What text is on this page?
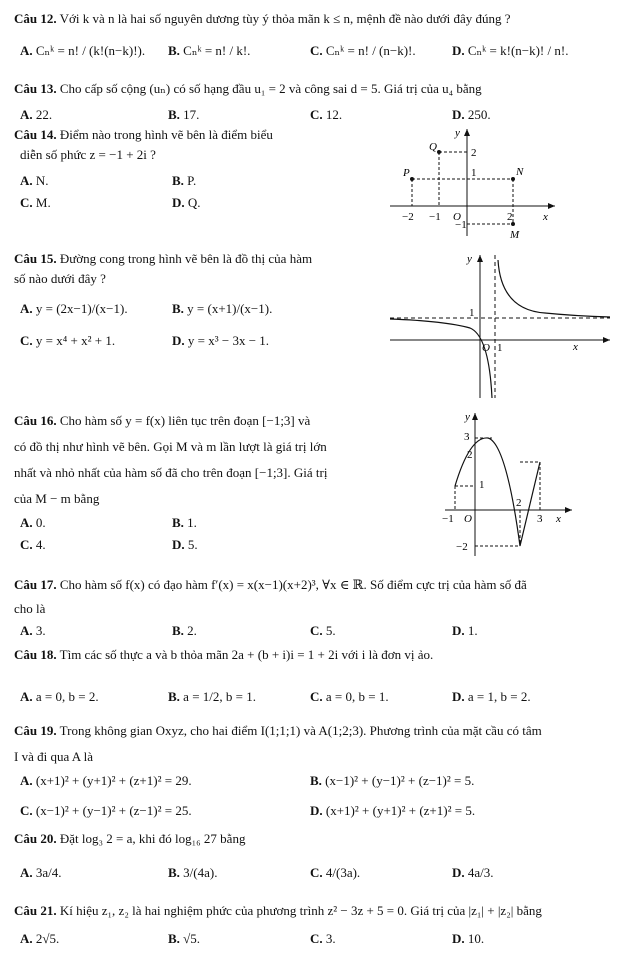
Câu 12. Với k và n là hai số nguyên dương tùy ý thỏa mãn k ≤ n, mệnh đề nào dưới đây đúng ?
A. Cₙᵏ = n! / (k!(n−k)!). B. Cₙᵏ = n! / k!.	C. Cₙᵏ = n! / (n−k)!.	D. Cₙᵏ = k!(n−k)! / n!.
Câu 13. Cho cấp số cộng (uₙ) có số hạng đầu u₁ = 2 và công sai d = 5. Giá trị của u₄ bằng
A. 22.	B. 17.	C. 12.	D. 250.
Câu 14. Điểm nào trong hình vẽ bên là điểm biểu
diễn số phức z = −1 + 2i ?
A. N.	B. P.
C. M.	D. Q.
y
x
O
Q
P	N
M
2
1
−2 −1	2
−1
Câu 15. Đường cong trong hình vẽ bên là đồ thị của hàm
số nào dưới đây ?
A. y = (2x−1)/(x−1).	B. y = (x+1)/(x−1).
C. y = x⁴ + x² + 1.	D. y = x³ − 3x − 1.
y
x
O
1
1
Câu 16. Cho hàm số y = f(x) liên tục trên đoạn [−1;3] và
có đồ thị như hình vẽ bên. Gọi M và m lần lượt là giá trị lớn
nhất và nhỏ nhất của hàm số đã cho trên đoạn [−1;3]. Giá trị
của M − m bằng
A. 0.	B. 1.
C. 4.	D. 5.
y
x
O
3
2
1
−1
2
3
−2
Câu 17. Cho hàm số f(x) có đạo hàm f′(x) = x(x−1)(x+2)³, ∀x ∈ ℝ. Số điểm cực trị của hàm số đã
cho là
A. 3.	B. 2.	C. 5.	D. 1.
Câu 18. Tìm các số thực a và b thỏa mãn 2a + (b + i)i = 1 + 2i với i là đơn vị ảo.
A. a = 0, b = 2.	B. a = 1/2, b = 1.	C. a = 0, b = 1.	D. a = 1, b = 2.
Câu 19. Trong không gian Oxyz, cho hai điểm I(1;1;1) và A(1;2;3). Phương trình của mặt cầu có tâm
I và đi qua A là
A. (x+1)² + (y+1)² + (z+1)² = 29.	B. (x−1)² + (y−1)² + (z−1)² = 5.
C. (x−1)² + (y−1)² + (z−1)² = 25.	D. (x+1)² + (y+1)² + (z+1)² = 5.
Câu 20. Đặt log₃ 2 = a, khi đó log₁₆ 27 bằng
A. 3a/4.	B. 3/(4a).	C. 4/(3a).	D. 4a/3.
Câu 21. Kí hiệu z₁, z₂ là hai nghiệm phức của phương trình z² − 3z + 5 = 0. Giá trị của |z₁| + |z₂| bằng
A. 2√5.	B. √5.	C. 3.	D. 10.
